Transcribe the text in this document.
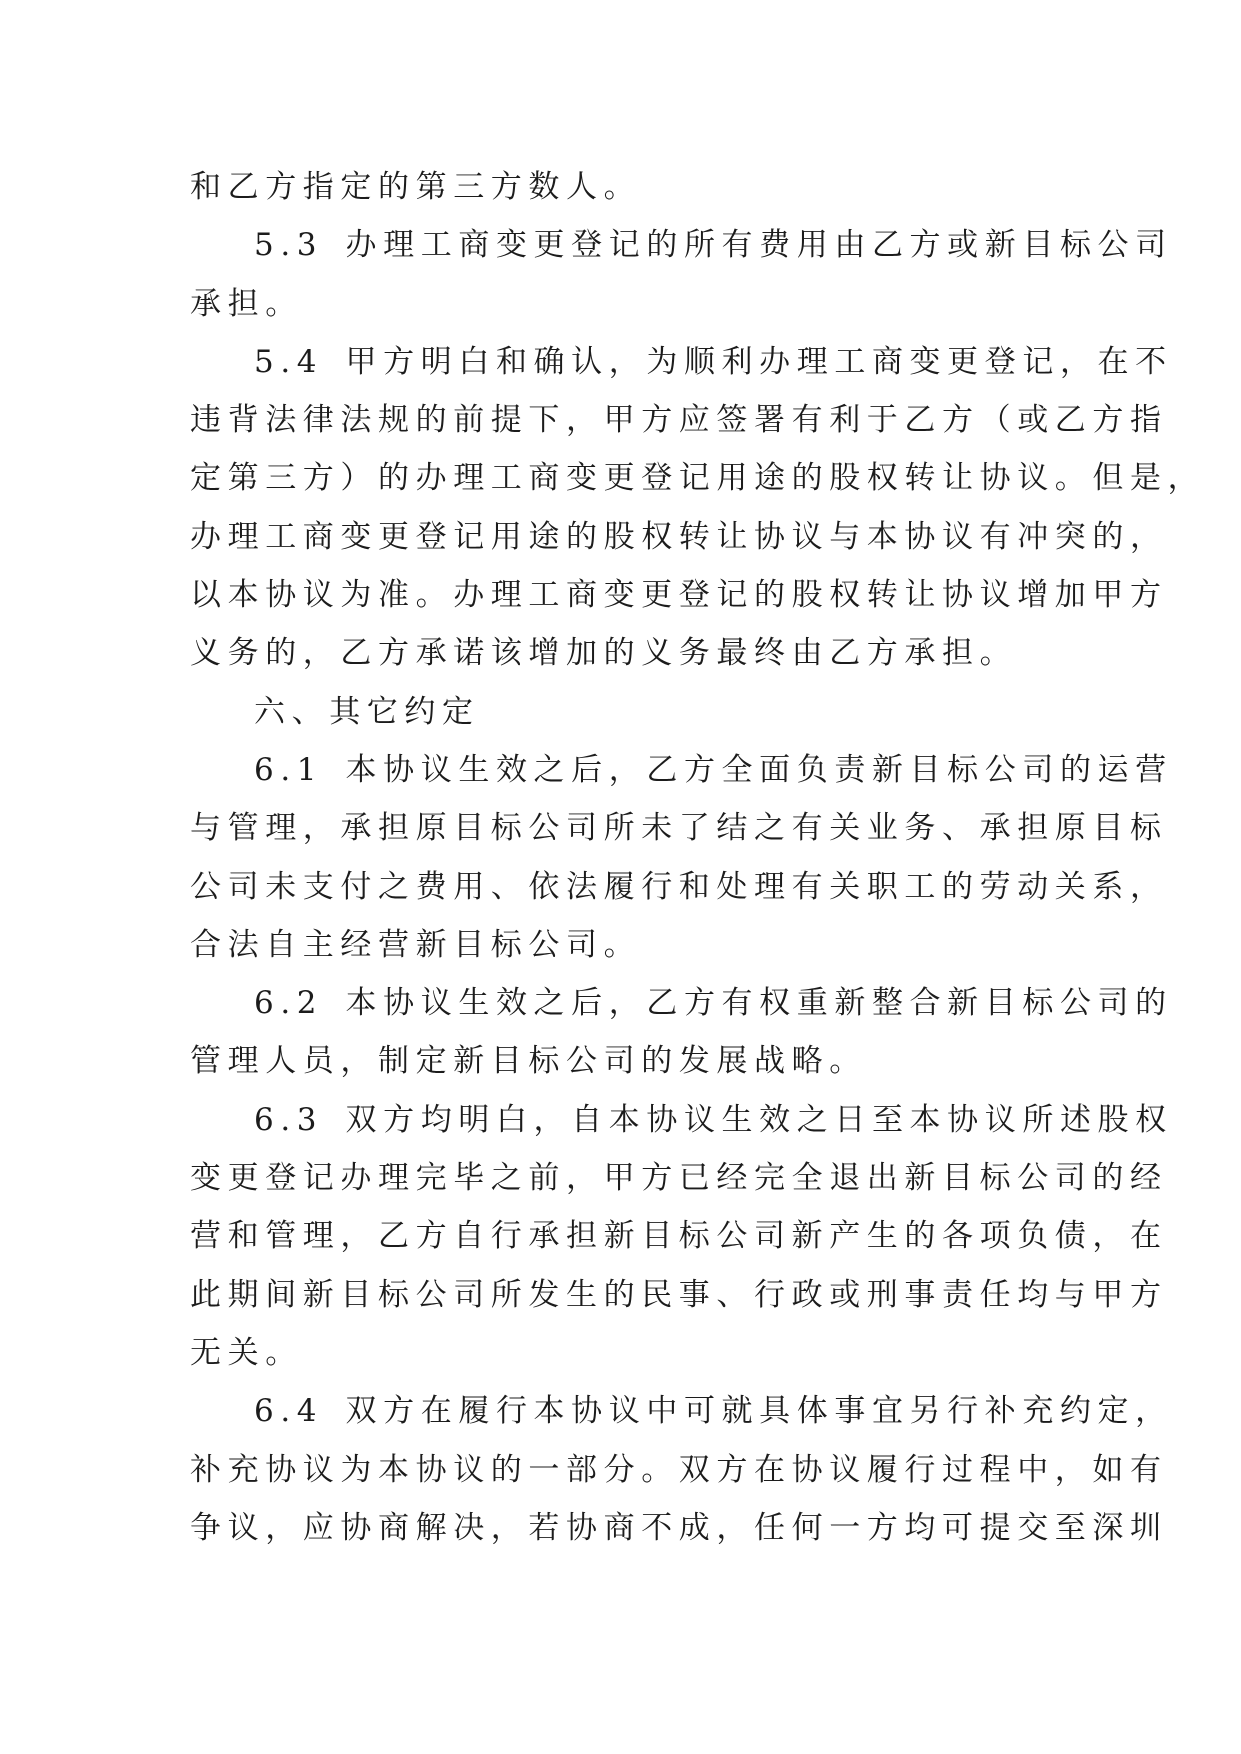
和乙方指定的第三方数人。
5.3 办理工商变更登记的所有费用由乙方或新目标公司
承担。
5.4 甲方明白和确认，为顺利办理工商变更登记，在不
违背法律法规的前提下，甲方应签署有利于乙方（或乙方指
定第三方）的办理工商变更登记用途的股权转让协议。但是，
办理工商变更登记用途的股权转让协议与本协议有冲突的，
以本协议为准。办理工商变更登记的股权转让协议增加甲方
义务的，乙方承诺该增加的义务最终由乙方承担。
六、其它约定
6.1 本协议生效之后，乙方全面负责新目标公司的运营
与管理，承担原目标公司所未了结之有关业务、承担原目标
公司未支付之费用、依法履行和处理有关职工的劳动关系，
合法自主经营新目标公司。
6.2 本协议生效之后，乙方有权重新整合新目标公司的
管理人员，制定新目标公司的发展战略。
6.3 双方均明白，自本协议生效之日至本协议所述股权
变更登记办理完毕之前，甲方已经完全退出新目标公司的经
营和管理，乙方自行承担新目标公司新产生的各项负债，在
此期间新目标公司所发生的民事、行政或刑事责任均与甲方
无关。
6.4 双方在履行本协议中可就具体事宜另行补充约定，
补充协议为本协议的一部分。双方在协议履行过程中，如有
争议，应协商解决，若协商不成，任何一方均可提交至深圳
